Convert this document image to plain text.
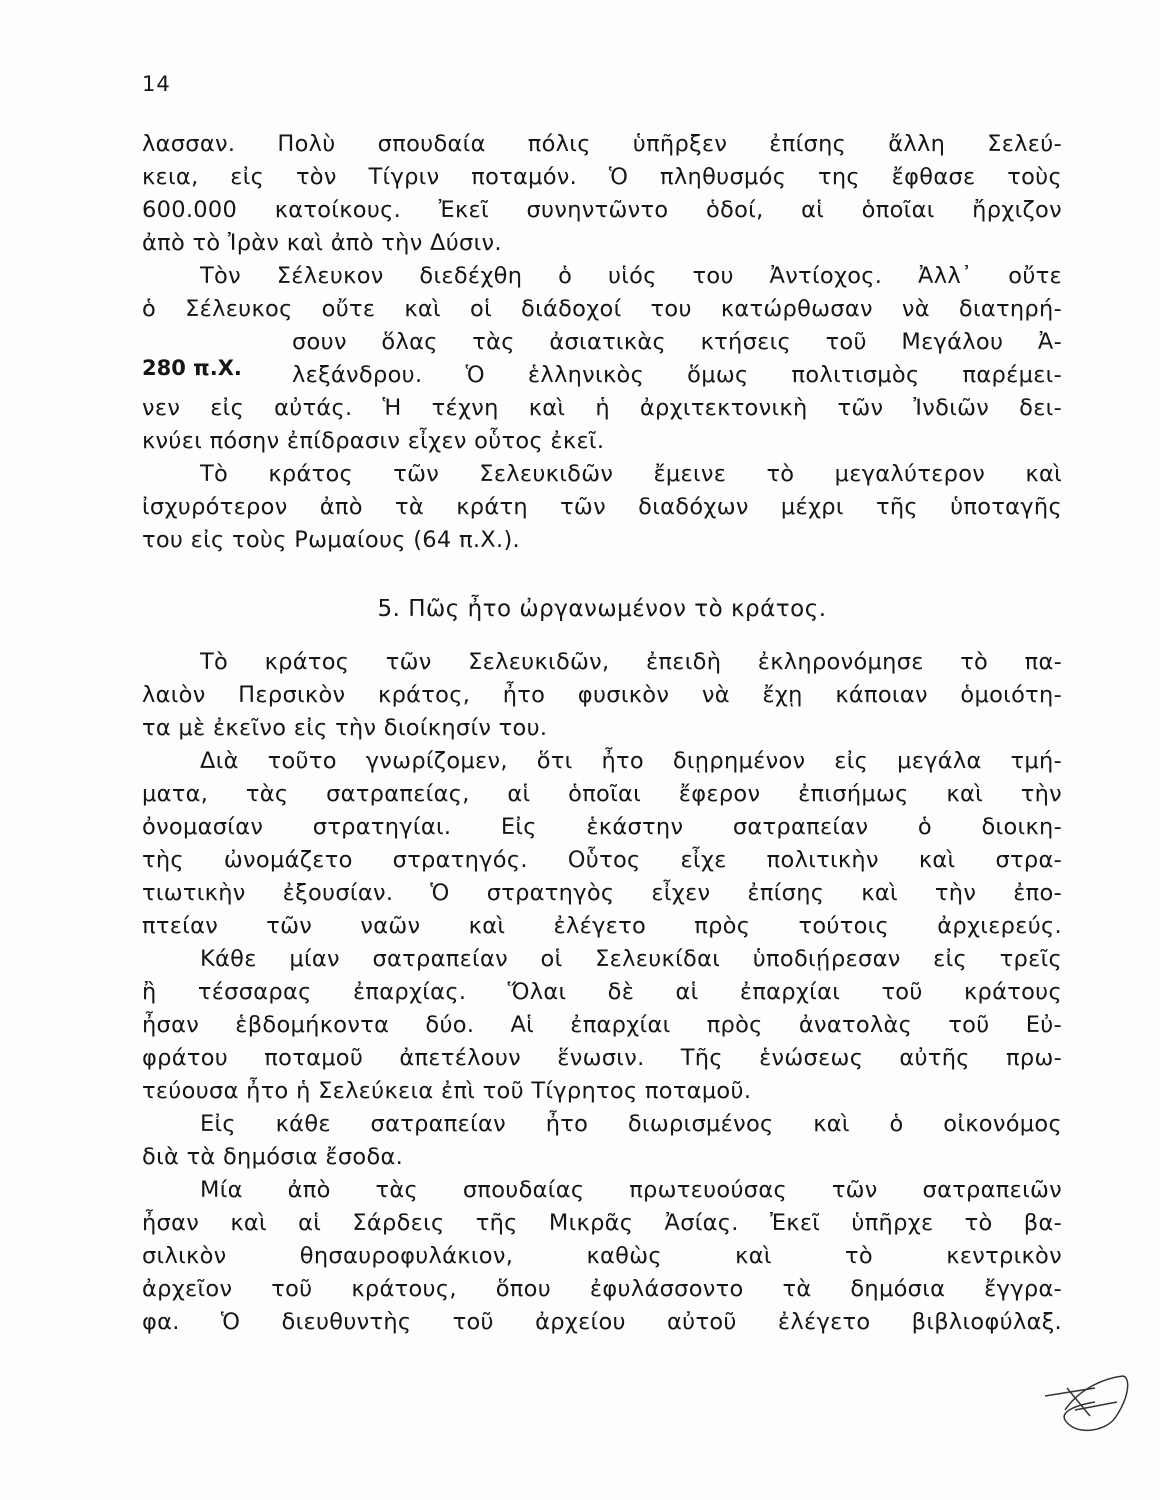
14
λασσαν. Πολὺ σπουδαία πόλις ὑπῆρξεν ἐπίσης ἄλλη Σελεύ-
κεια, εἰς τὸν Τίγριν ποταμόν. Ὁ πληθυσμός της ἔφθασε τοὺς
600.000 κατοίκους. Ἐκεῖ συνηντῶντο ὁδοί, αἱ ὁποῖαι ἤρχιζον
ἀπὸ τὸ Ἰρὰν καὶ ἀπὸ τὴν Δύσιν.
Τὸν Σέλευκον διεδέχθη ὁ υἱός του Ἀντίοχος. Ἀλλ᾿ οὔτε
ὁ Σέλευκος οὔτε καὶ οἱ διάδοχοί του κατώρθωσαν νὰ διατηρή-
280 π.Χ.
σουν ὅλας τὰς ἀσιατικὰς κτήσεις τοῦ Μεγάλου Ἀ-
λεξάνδρου. Ὁ ἑλληνικὸς ὅμως πολιτισμὸς παρέμει-
νεν εἰς αὐτάς. Ἡ τέχνη καὶ ἡ ἀρχιτεκτονικὴ τῶν Ἰνδιῶν δει-
κνύει πόσην ἐπίδρασιν εἶχεν οὗτος ἐκεῖ.
Τὸ κράτος τῶν Σελευκιδῶν ἔμεινε τὸ μεγαλύτερον καὶ
ἰσχυρότερον ἀπὸ τὰ κράτη τῶν διαδόχων μέχρι τῆς ὑποταγῆς
του εἰς τοὺς Ρωμαίους (64 π.Χ.).
5. Πῶς ἦτο ὠργανωμένον τὸ κράτος.
Τὸ κράτος τῶν Σελευκιδῶν, ἐπειδὴ ἐκληρονόμησε τὸ πα-
λαιὸν Περσικὸν κράτος, ἦτο φυσικὸν νὰ ἔχῃ κάποιαν ὁμοιότη-
τα μὲ ἐκεῖνο εἰς τὴν διοίκησίν του.
Διὰ τοῦτο γνωρίζομεν, ὅτι ἦτο διῃρημένον εἰς μεγάλα τμή-
ματα, τὰς σατραπείας, αἱ ὁποῖαι ἔφερον ἐπισήμως καὶ τὴν
ὀνομασίαν στρατηγίαι. Εἰς ἑκάστην σατραπείαν ὁ διοικη-
τὴς ὠνομάζετο στρατηγός. Οὗτος εἶχε πολιτικὴν καὶ στρα-
τιωτικὴν ἐξουσίαν. Ὁ στρατηγὸς εἶχεν ἐπίσης καὶ τὴν ἐπο-
πτείαν τῶν ναῶν καὶ ἐλέγετο πρὸς τούτοις ἀρχιερεύς.
Κάθε μίαν σατραπείαν οἱ Σελευκίδαι ὑποδιῄρεσαν εἰς τρεῖς
ἢ τέσσαρας ἐπαρχίας. Ὅλαι δὲ αἱ ἐπαρχίαι τοῦ κράτους
ἦσαν ἑβδομήκοντα δύο. Αἱ ἐπαρχίαι πρὸς ἀνατολὰς τοῦ Εὐ-
φράτου ποταμοῦ ἀπετέλουν ἕνωσιν. Τῆς ἑνώσεως αὐτῆς πρω-
τεύουσα ἦτο ἡ Σελεύκεια ἐπὶ τοῦ Τίγρητος ποταμοῦ.
Εἰς κάθε σατραπείαν ἦτο διωρισμένος καὶ ὁ οἰκονόμος
διὰ τὰ δημόσια ἔσοδα.
Μία ἀπὸ τὰς σπουδαίας πρωτευούσας τῶν σατραπειῶν
ἦσαν καὶ αἱ Σάρδεις τῆς Μικρᾶς Ἀσίας. Ἐκεῖ ὑπῆρχε τὸ βα-
σιλικὸν θησαυροφυλάκιον, καθὼς καὶ τὸ κεντρικὸν
ἀρχεῖον τοῦ κράτους, ὅπου ἐφυλάσσοντο τὰ δημόσια ἔγγρα-
φα. Ὁ διευθυντὴς τοῦ ἀρχείου αὐτοῦ ἐλέγετο βιβλιοφύλαξ.
